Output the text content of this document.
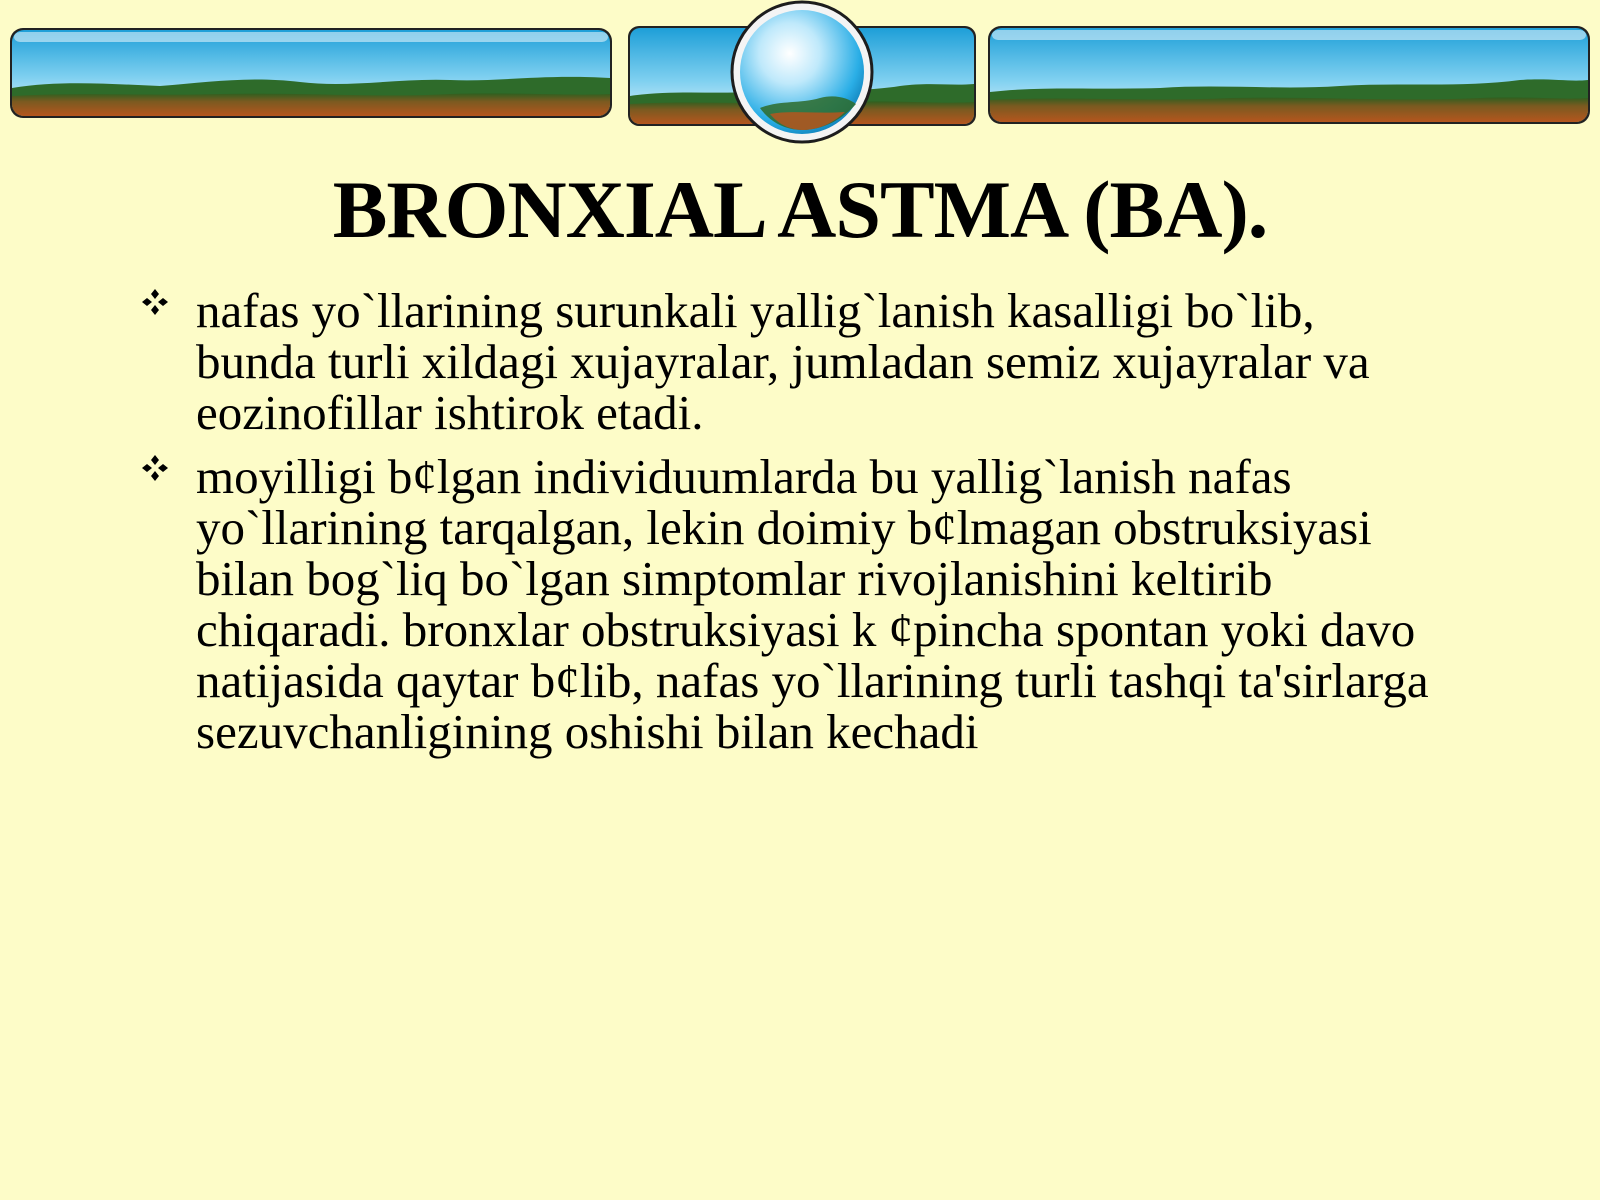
BRONXIAL ASTMA (BA).
nafas yo`llarining surunkali yallig`lanish kasalligi bo`lib, bunda turli xildagi xujayralar, jumladan semiz xujayralar va eozinofillar ishtirok etadi.
moyilligi b¢lgan individuumlarda bu yallig`lanish nafas yo`llarining tarqalgan, lekin doimiy b¢lmagan obstruksiyasi bilan bog`liq bo`lgan simptomlar rivojlanishini keltirib chiqaradi. bronxlar obstruksiyasi k ¢pincha spontan yoki davo natijasida qaytar b¢lib, nafas yo`llarining turli tashqi ta'sirlarga sezuvchanligining oshishi bilan kechadi
